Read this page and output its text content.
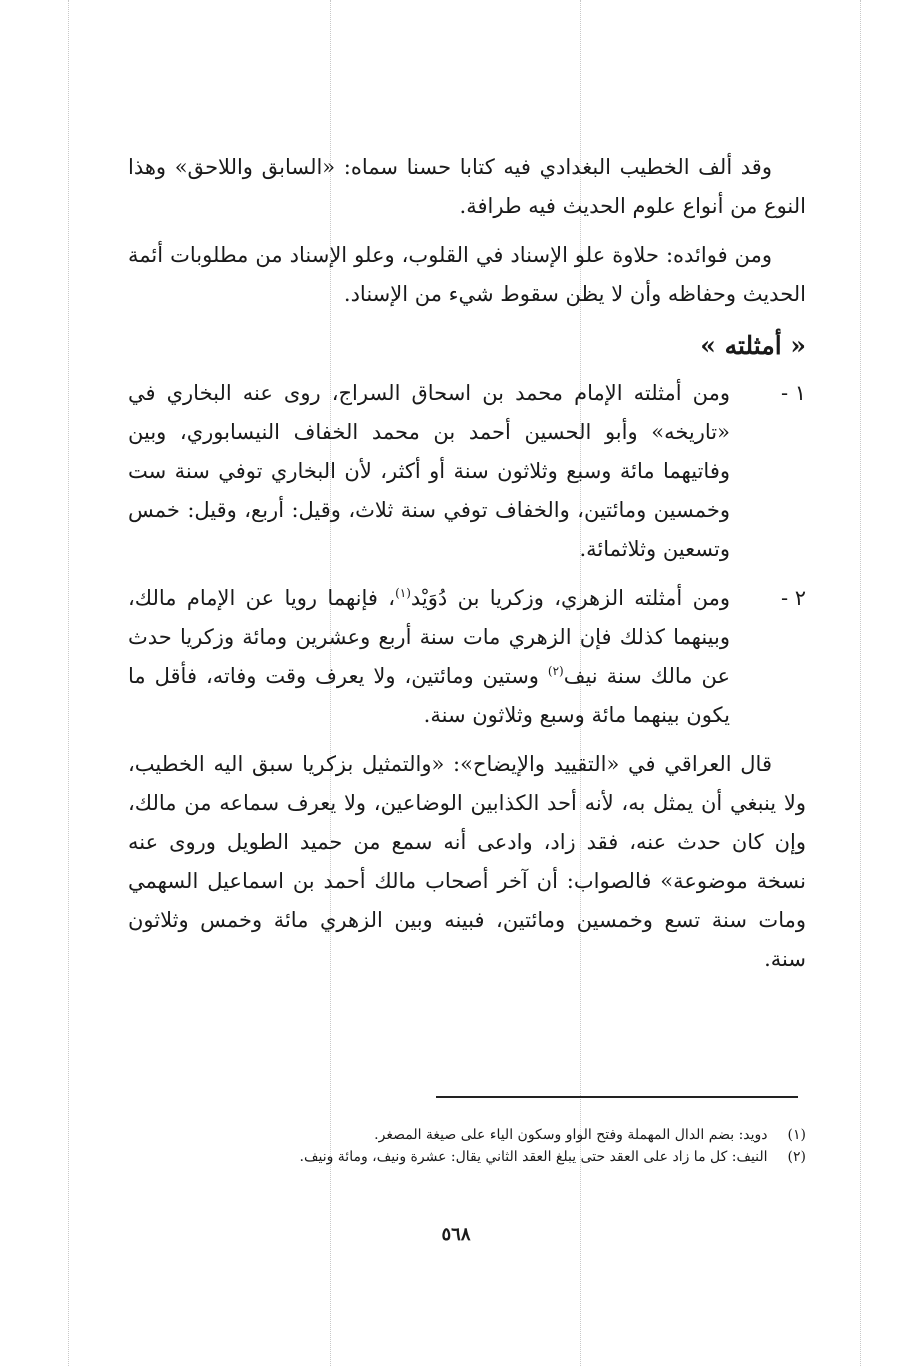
وقد ألف الخطيب البغدادي فيه كتابا حسنا سماه: «السابق واللاحق» وهذا النوع من أنواع علوم الحديث فيه طرافة.

ومن فوائده: حلاوة علو الإسناد في القلوب، وعلو الإسناد من مطلوبات أئمة الحديث وحفاظه وأن لا يظن سقوط شيء من الإسناد.

« أمثلته »
١ -
ومن أمثلته الإمام محمد بن اسحاق السراج، روى عنه البخاري في «تاريخه» وأبو الحسين أحمد بن محمد الخفاف النيسابوري، وبين وفاتيهما مائة وسبع وثلاثون سنة أو أكثر، لأن البخاري توفي سنة ست وخمسين ومائتين، والخفاف توفي سنة ثلاث، وقيل: أربع، وقيل: خمس وتسعين وثلاثمائة.
٢ -
ومن أمثلته الزهري، وزكريا بن دُوَيْد$^{(١)}$، فإنهما رويا عن الإمام مالك، وبينهما كذلك فإن الزهري مات سنة أربع وعشرين ومائة وزكريا حدث عن مالك سنة نيف$^{(٢)}$ وستين ومائتين، ولا يعرف وقت وفاته، فأقل ما يكون بينهما مائة وسبع وثلاثون سنة.

قال العراقي في «التقييد والإيضاح»: «والتمثيل بزكريا سبق اليه الخطيب، ولا ينبغي أن يمثل به، لأنه أحد الكذابين الوضاعين، ولا يعرف سماعه من مالك، وإن كان حدث عنه، فقد زاد، وادعى أنه سمع من حميد الطويل وروى عنه نسخة موضوعة» فالصواب: أن آخر أصحاب مالك أحمد بن اسماعيل السهمي ومات سنة تسع وخمسين ومائتين، فبينه وبين الزهري مائة وخمس وثلاثون سنة.

(١) دويد: بضم الدال المهملة وفتح الواو وسكون الياء على صيغة المصغر.
(٢) النيف: كل ما زاد على العقد حتى يبلغ العقد الثاني يقال: عشرة ونيف، ومائة ونيف.
٥٦٨
